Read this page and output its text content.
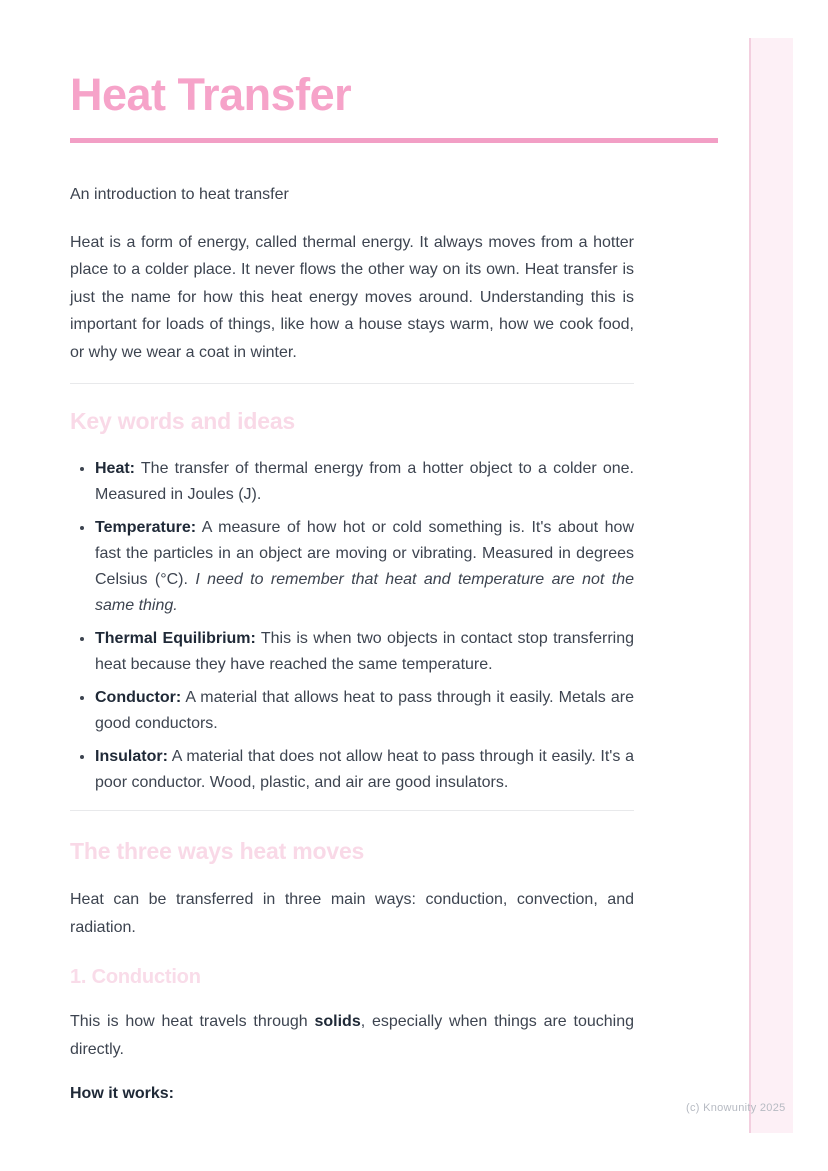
(c) Knowunity 2025
Heat Transfer

An introduction to heat transfer

Heat is a form of energy, called thermal energy. It always moves from a hotter place to a colder place. It never flows the other way on its own. Heat transfer is just the name for how this heat energy moves around. Understanding this is important for loads of things, like how a house stays warm, how we cook food, or why we wear a coat in winter.

Key words and ideas
• Heat: The transfer of thermal energy from a hotter object to a colder one. Measured in Joules (J).
• Temperature: A measure of how hot or cold something is. It's about how fast the particles in an object are moving or vibrating. Measured in degrees Celsius (°C). I need to remember that heat and temperature are not the same thing.
• Thermal Equilibrium: This is when two objects in contact stop transferring heat because they have reached the same temperature.
• Conductor: A material that allows heat to pass through it easily. Metals are good conductors.
• Insulator: A material that does not allow heat to pass through it easily. It's a poor conductor. Wood, plastic, and air are good insulators.
The three ways heat moves

Heat can be transferred in three main ways: conduction, convection, and radiation.

1. Conduction

This is how heat travels through solids, especially when things are touching directly.

How it works:
